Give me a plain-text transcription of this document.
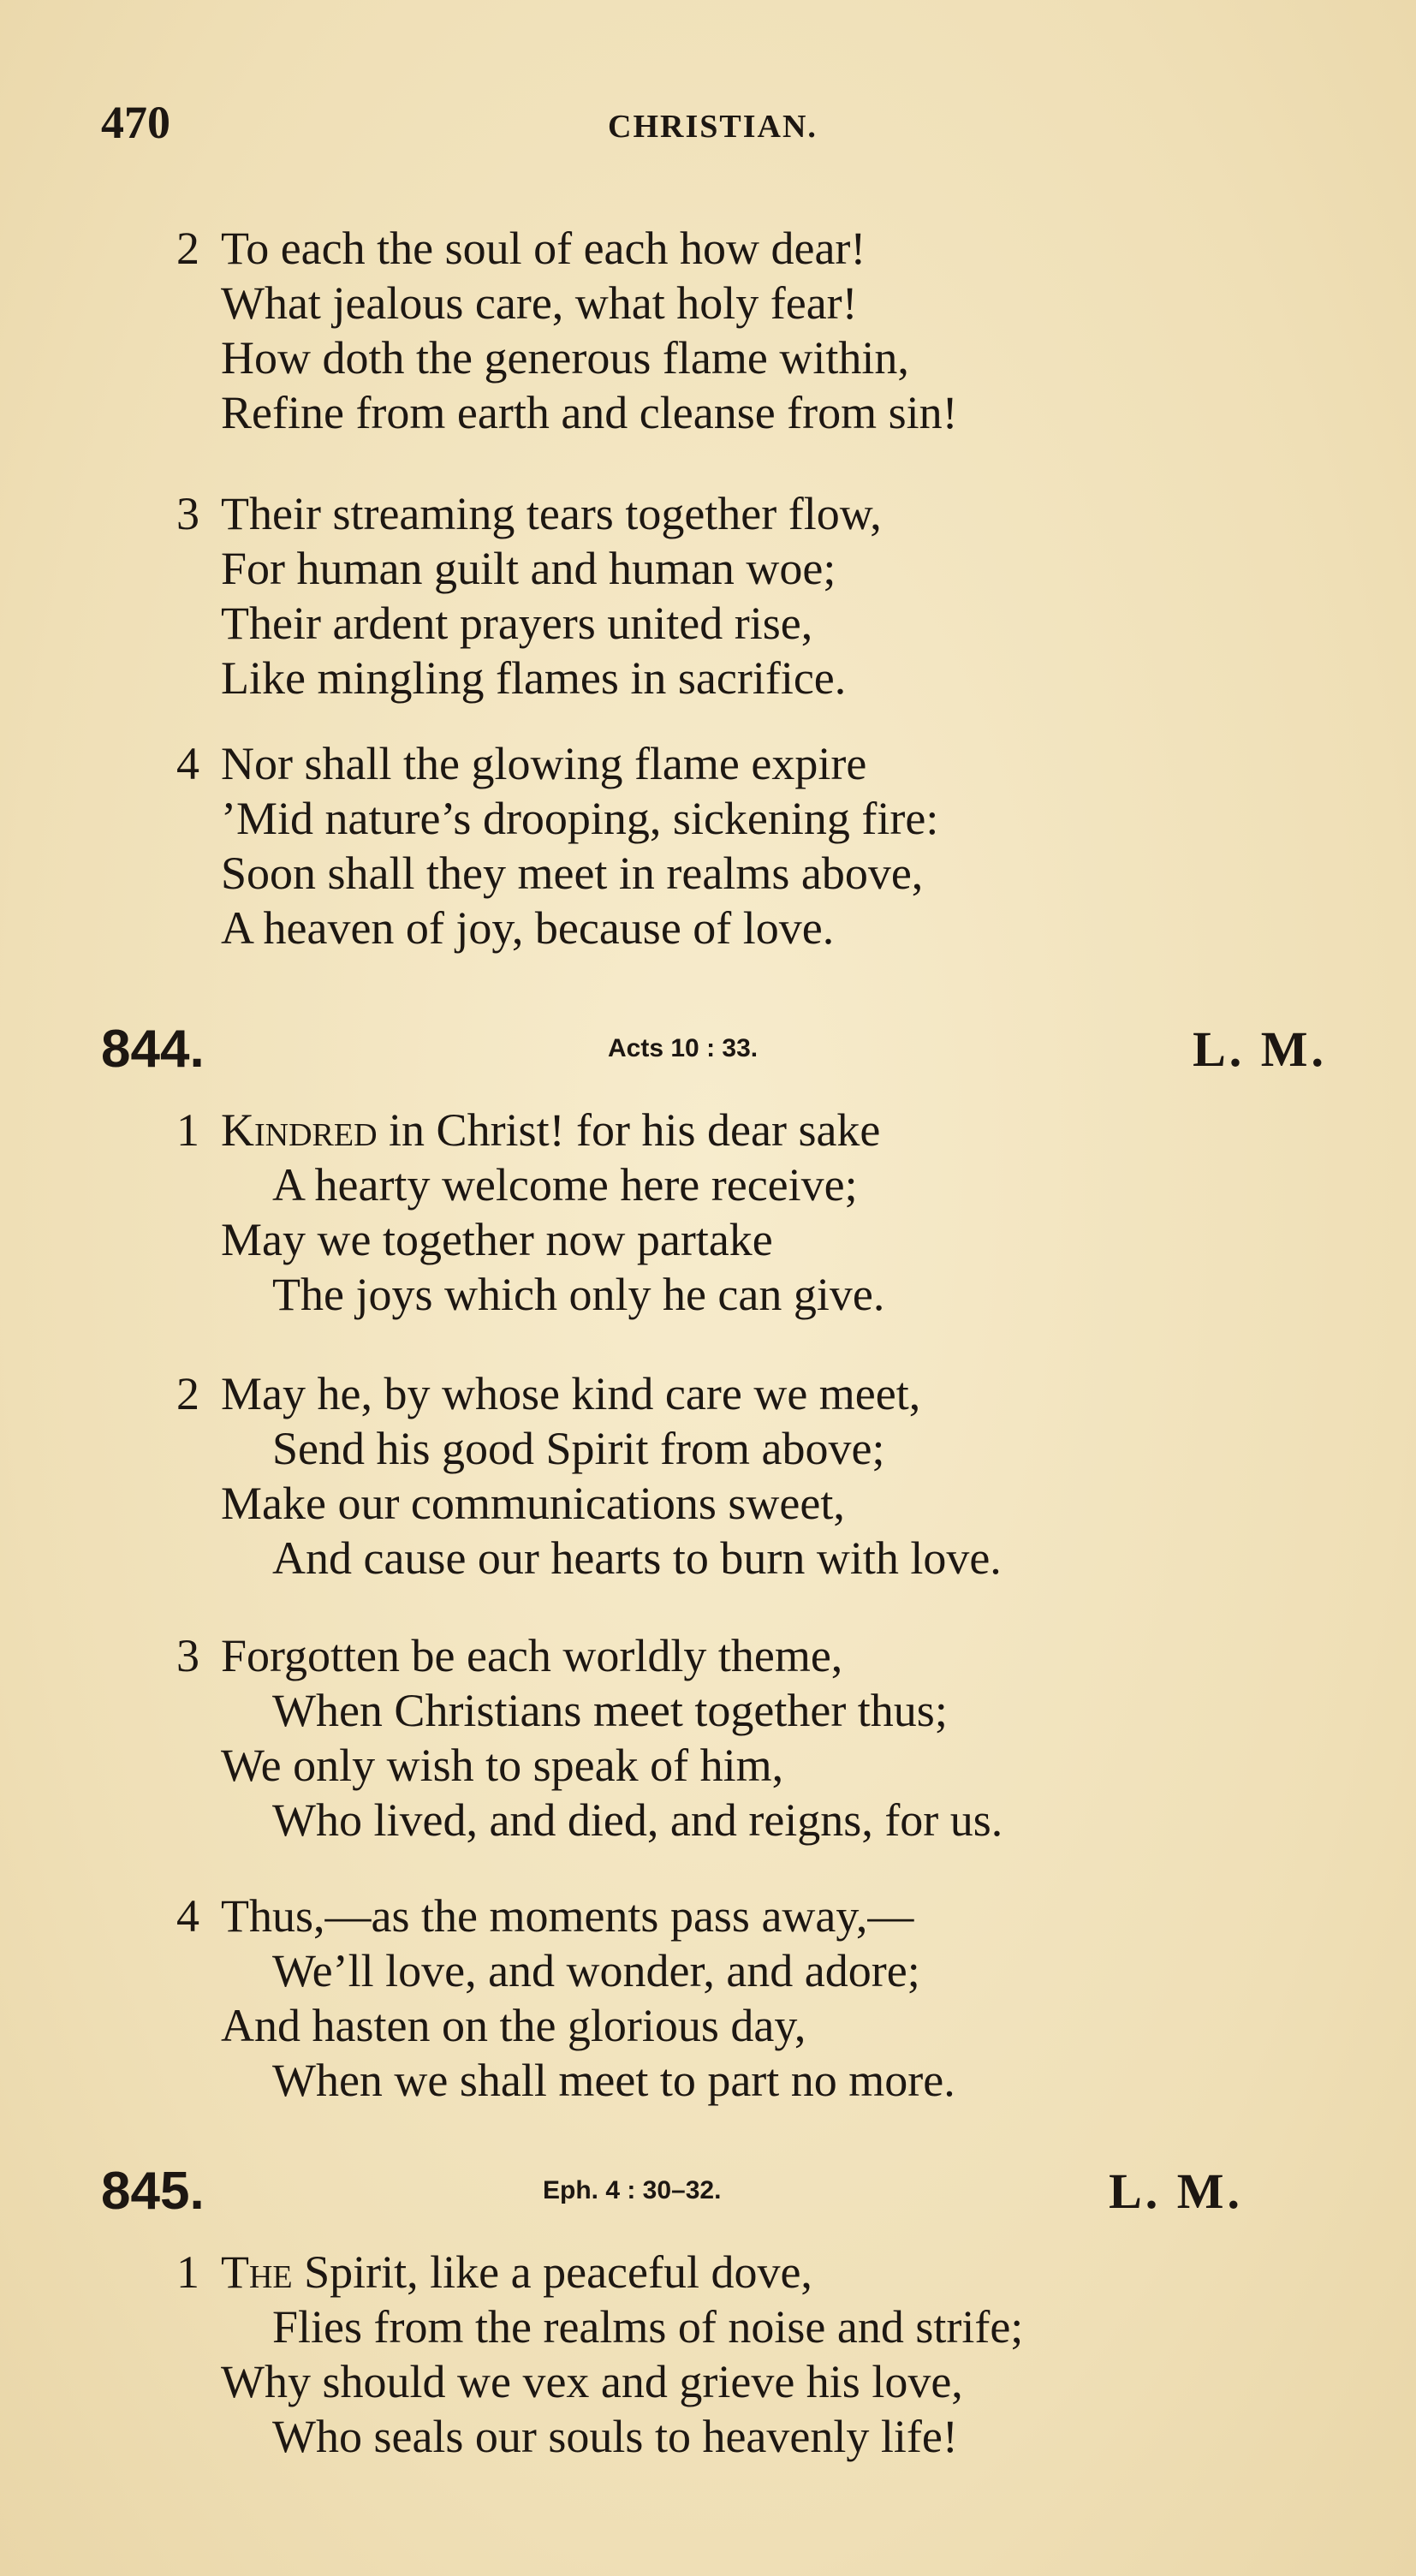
470	CHRISTIAN.
2 To each the soul of each how dear!
What jealous care, what holy fear!
How doth the generous flame within,
Refine from earth and cleanse from sin!
3 Their streaming tears together flow,
For human guilt and human woe;
Their ardent prayers united rise,
Like mingling flames in sacrifice.
4 Nor shall the glowing flame expire
’Mid nature’s drooping, sickening fire:
Soon shall they meet in realms above,
A heaven of joy, because of love.
844.	Acts 10 : 33.	L. M.
1 Kindred in Christ! for his dear sake
A hearty welcome here receive;
May we together now partake
The joys which only he can give.
2 May he, by whose kind care we meet,
Send his good Spirit from above;
Make our communications sweet,
And cause our hearts to burn with love.
3 Forgotten be each worldly theme,
When Christians meet together thus;
We only wish to speak of him,
Who lived, and died, and reigns, for us.
4 Thus,—as the moments pass away,—
We’ll love, and wonder, and adore;
And hasten on the glorious day,
When we shall meet to part no more.
845.	Eph. 4 : 30–32.	L. M.
1 The Spirit, like a peaceful dove,
Flies from the realms of noise and strife;
Why should we vex and grieve his love,
Who seals our souls to heavenly life!
